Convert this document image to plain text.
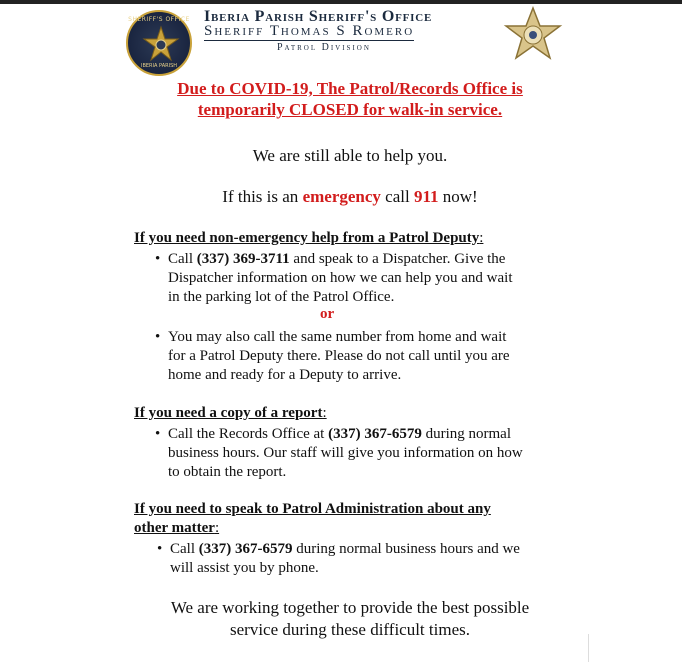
SHERIFF'S OFFICE
IBERIA PARISH
Iberia Parish Sheriff's Office
Sheriff Thomas S Romero
Patrol Division
Due to COVID-19, The Patrol/Records Office is
temporarily CLOSED for walk-in service.
We are still able to help you.
If this is an emergency call 911 now!
If you need non-emergency help from a Patrol Deputy:
• Call (337) 369-3711 and speak to a Dispatcher. Give the
Dispatcher information on how we can help you and wait
in the parking lot of the Patrol Office.
or
• You may also call the same number from home and wait
for a Patrol Deputy there. Please do not call until you are
home and ready for a Deputy to arrive.
If you need a copy of a report:
• Call the Records Office at (337) 367-6579 during normal
business hours. Our staff will give you information on how
to obtain the report.
If you need to speak to Patrol Administration about any
other matter:
• Call (337) 367-6579 during normal business hours and we
will assist you by phone.
We are working together to provide the best possible
service during these difficult times.
